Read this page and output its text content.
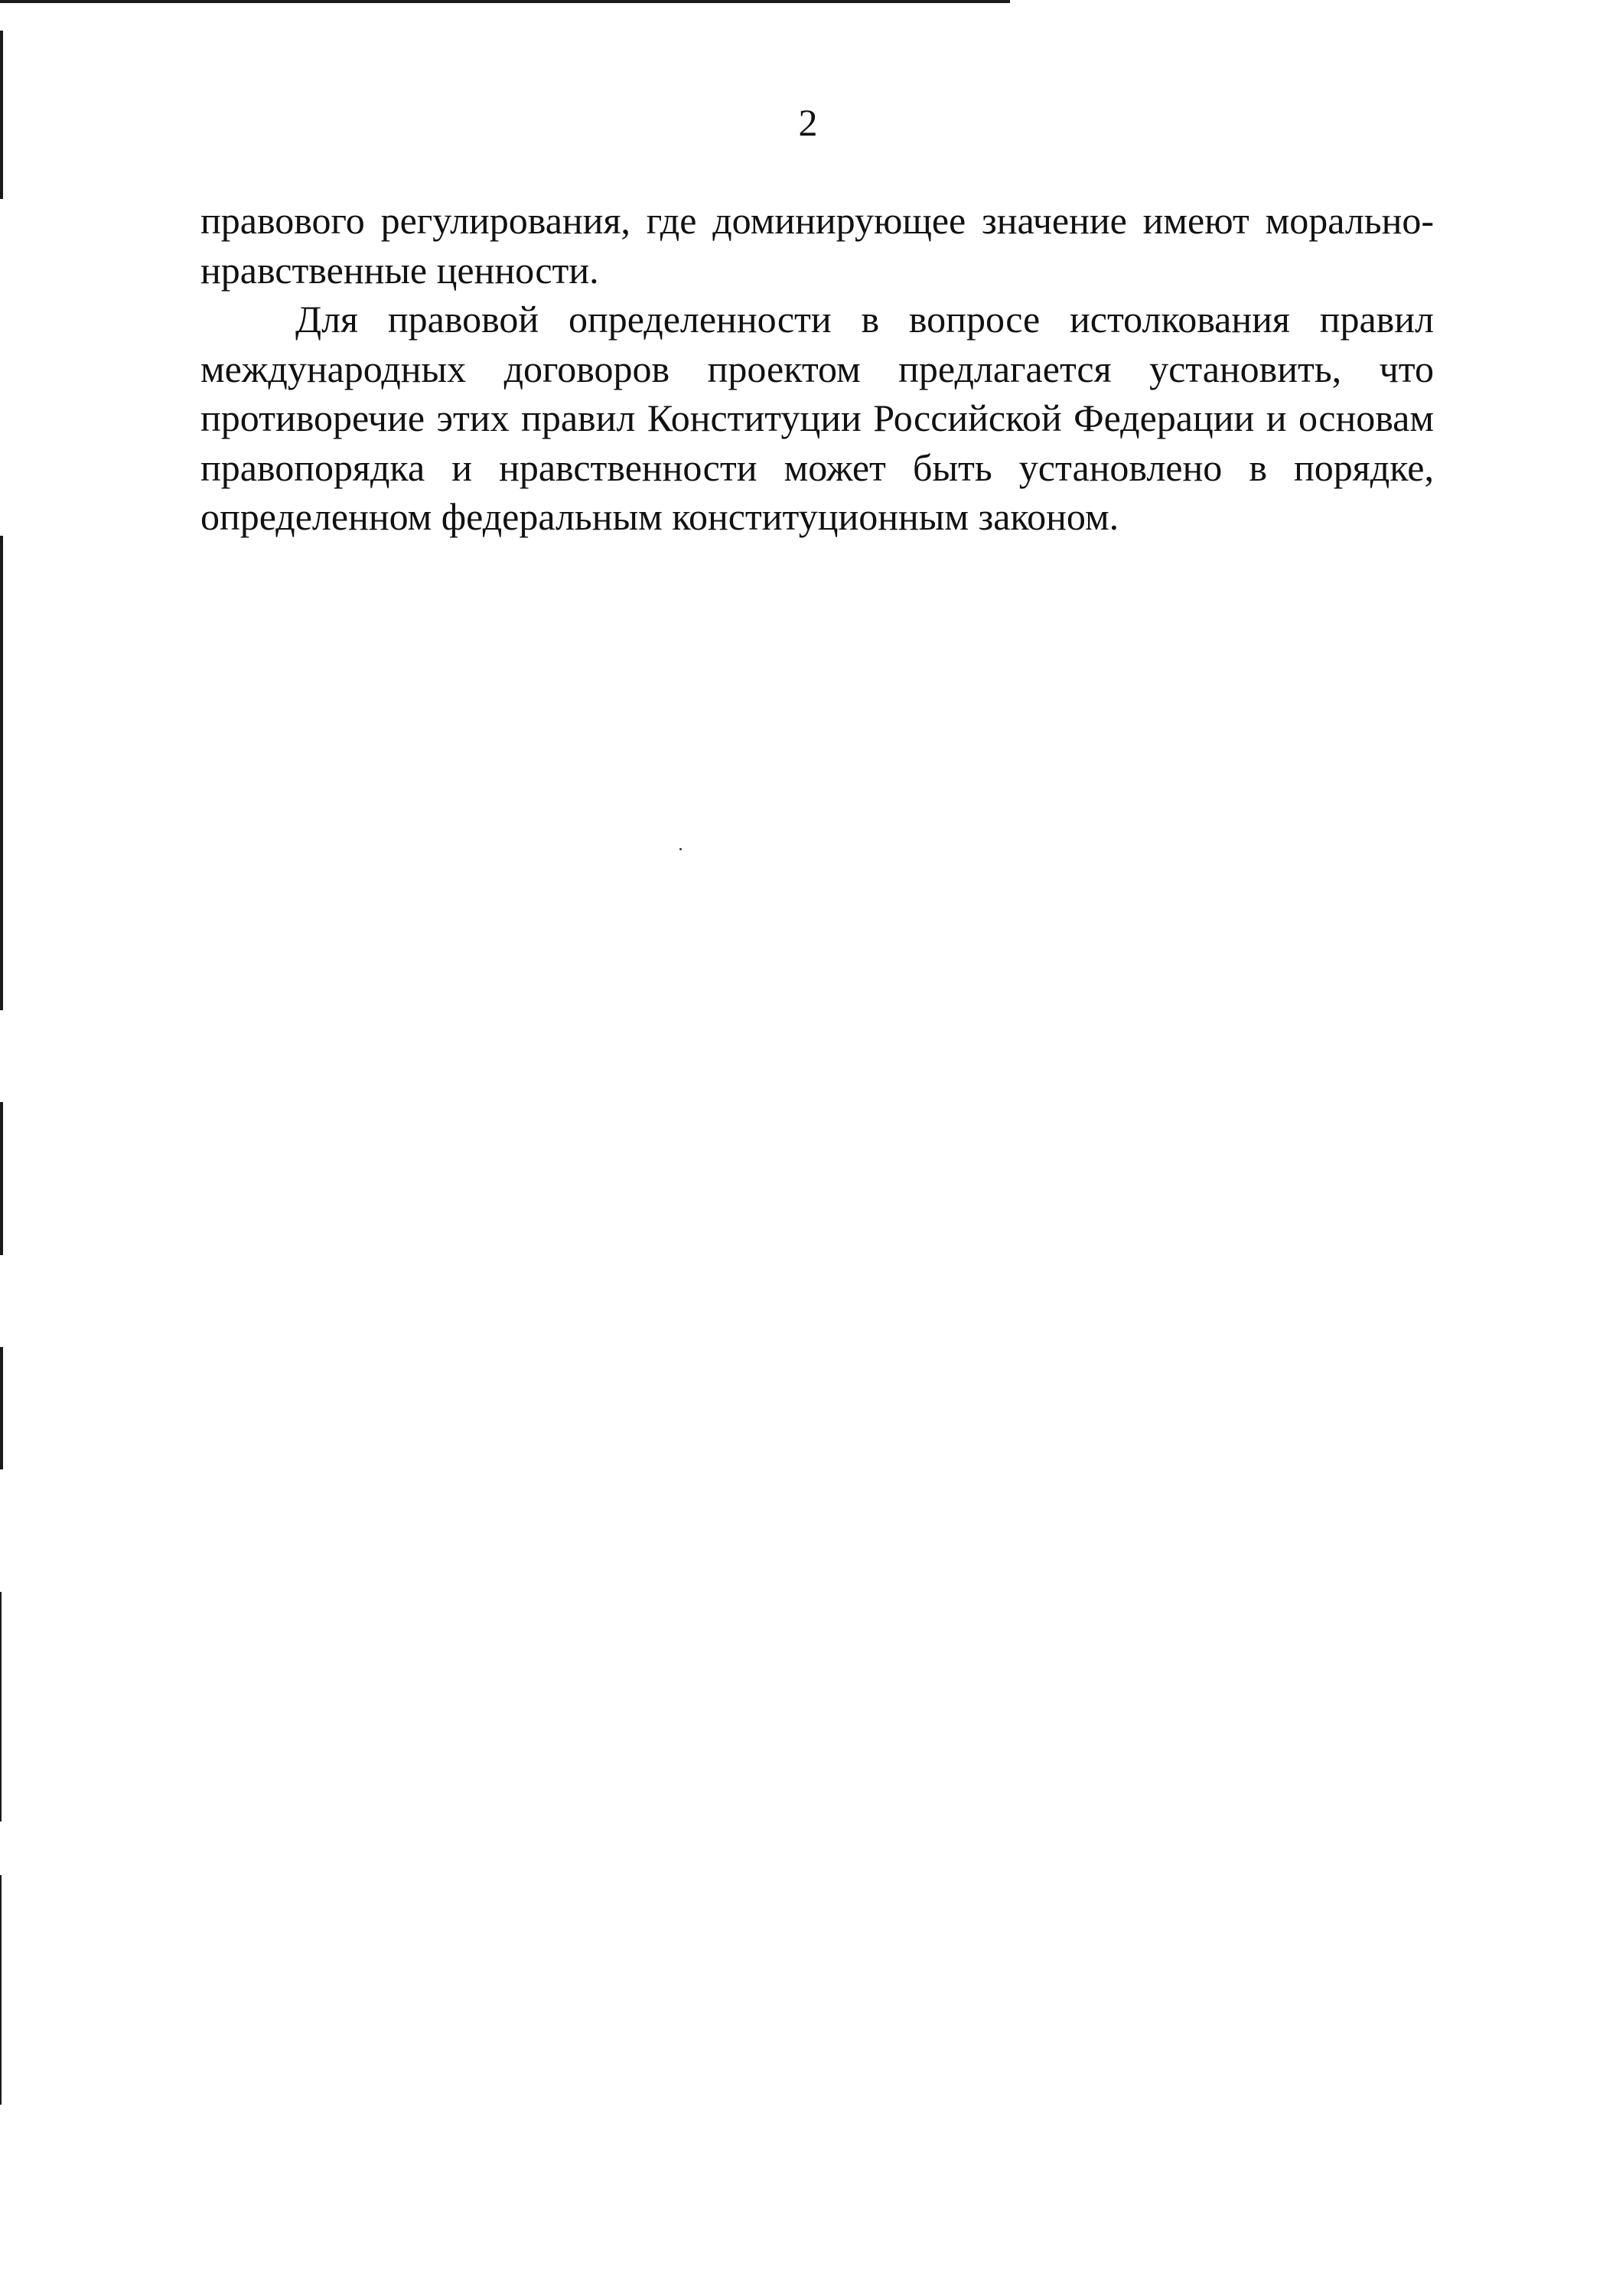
2

правового регулирования, где доминирующее значение имеют морально-нравственные ценности.

Для правовой определенности в вопросе истолкования правил международных договоров проектом предлагается установить, что противоречие этих правил Конституции Российской Федерации и основам правопорядка и нравственности может быть установлено в порядке, определенном федеральным конституционным законом.
